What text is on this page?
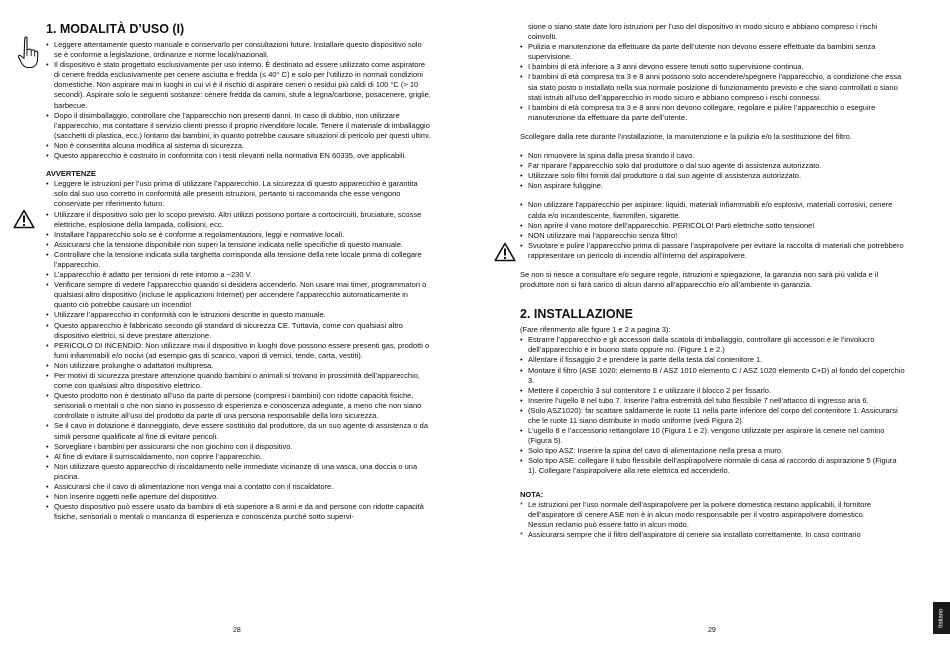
1. MODALITÀ D’USO (I)
• Leggere attentamente questo manuale e conservarlo per consultazioni future. Installare questo dispositivo solo se è conforme a legislazione, ordinanze e norme locali/nazionali.
• Il dispositivo è stato progettato esclusivamente per uso interno. È destinato ad essere utilizzato come aspiratore di cenere fredda esclusivamente per cenere asciutta e fredda (≤ 40° C) e solo per l’utilizzo in normali condizioni domestiche. Non aspirare mai in luoghi in cui vi è il rischio di aspirare ceneri o residui più caldi di 100 °C (> 10 secondi). Aspirare solo le seguenti sostanze: cenere fredda da camini, stufe a legna/carbone, posacenere, griglie, barbecue.
• Dopo il disimballaggio, controllare che l’apparecchio non presenti danni. In caso di dubbio, non utilizzare l’apparecchio, ma contattare il servizio clienti presso il proprio rivenditore locale. Tenere il materiale di imballaggio (sacchetti di plastica, ecc.) lontano dai bambini, in quanto potrebbe causare situazioni di pericolo per questi ultimi.
• Non è consentita alcuna modifica al sistema di sicurezza.
• Questo apparecchio è costruito in conformita con i testi rilevanti nella normativa EN 60335, ove applicabili.
AVVERTENZE
• Leggere le istruzioni per l’uso prima di utilizzare l’apparecchio. La sicurezza di questo apparecchio è garantita solo dal suo uso corretto in conformità alle presenti istruzioni, pertanto si raccomanda che esse vengono conservate per riferimento futuro.
• Utilizzare il dispositivo solo per lo scopo previsto. Altri utilizzi possono portare a cortocircuiti, bruciature, scosse elettriche, esplosione della lampada, collisioni, ecc.
• Installare l’apparecchio solo se è conforme a regolamentazioni, leggi e normative locali.
• Assicurarsi che la tensione disponibile non superi la tensione indicata nelle specifiche di questo manuale.
• Controllare che la tensione indicata sulla targhetta corrisponda alla tensione della rete locale prima di collegare l’apparecchio.
• L’apparecchio è adatto per tensioni di rete intorno a ~230 V.
• Verificare sempre di vedere l’apparecchio quando si desidera accenderlo. Non usare mai timer, programmatori o qualsiasi altro dispositivo (incluse le applicazioni Internet) per accendere l’apparecchio automaticamente in quanto ciò potrebbe causare un incendio!
• Utilizzare l’apparecchio in conformità con le istruzioni descritte in questo manuale.
• Questo apparecchio è fabbricato secondo gli standard di sicurezza CE. Tuttavia, come con qualsiasi altro dispositivo elettrici, si deve prestare attenzione.
• PERICOLO DI INCENDIO: Non utilizzare mai il dispositivo in luoghi dove possono essere presenti gas, prodotti o fumi infiammabili e/o nocivi (ad esempio gas di scarico, vapori di vernici, tende, carta, vestiti).
• Non utilizzare prolunghe o adattatori multipresa.
• Per motivi di sicurezza prestare attenzione quando bambini o animali si trovano in prossimità dell’apparecchio, come con qualsiasi altro dispositivo elettrico.
• Questo prodotto non è destinato all’uso da parte di persone (compresi i bambini) con ridotte capacità fisiche, sensoriali o mentali o che non siano in possesso di esperienza e conoscenza adeguate, a meno che non siano controllate o istruite all’uso del prodotto da parte di una persona responsabile della loro sicurezza.
• Se il cavo in dotazione è danneggiato, deve essere sostituito dal produttore, da un suo agente di assistenza o da simili persone qualificate al fine di evitare pericoli.
• Sorvegliare i bambini per assicurarsi che non giochino con il dispositivo.
• Al fine di evitare il surriscaldamento, non coprire l’apparecchio.
• Non utilizzare questo apparecchio di riscaldamento nelle immediate vicinanze di una vasca, una doccia o una piscina.
• Assicurarsi che il cavo di alimentazione non venga mai a contatto con il riscaldatore.
• Non inserire oggetti nelle aperture del dispositivo.
• Questo dispositivo può essere usato da bambini di età superiore a 8 anni e da and persone con ridotte capacità fisiche, sensoriali o mentali o mancanza di esperienza e conoscenza purché sotto supervi-
28

sione o siano state date loro istruzioni per l’uso del dispositivo in modo sicuro e abbiano compreso i rischi coinvolti.

• Pulizia e manutenzione da effettuare da parte dell’utente non devono essere effettuate da bambini senza supervisione.
• I bambini di età inferiore a 3 anni devono essere tenuti sotto supervisione continua.
• I bambini di età compresa tra 3 e 8 anni possono solo accendere/spegnere l’apparecchio, a condizione che essa sia stato posto o installato nella sua normale posizione di funzionamento previsto e che siano controllati o siano stati istruiti all’uso dell’apparecchio in modo sicuro e abbiano compreso i rischi connessi.
• I bambini di età compresa tra 3 e 8 anni non devono collegare, regolare e pulire l’apparecchio o eseguire manutenzione da effettuare da parte dell’utente.

Scollegare dalla rete durante l’installazione, la manutenzione e la pulizia e/o la sostituzione del filtro.

• Non rimuovere la spina dalla presa tirando il cavo.
• Far riparare l’apparecchio solo dal produttore o dal suo agente di assistenza autorizzato.
• Utilizzare solo filtri forniti dal produttore o dal suo agente di assistenza autorizzato.
• Non aspirare fuliggine.
• Non utilizzare l’apparecchio per aspirare: liquidi, materiali infiammabili e/o esplosivi, materiali corrosivi, cenere calda e/o incandescente, fiammiferi, sigarette.
• Non aprire il vano motore dell’apparecchio. PERICOLO! Parti elettriche sotto tensione!
• NON utilizzare mai l’apparecchio senza filtro!
• Svuotare e pulire l’apparecchio prima di passare l’aspirapolvere per evitare la raccolta di materiali che potrebbero rappresentare un pericolo di incendio all’interno del aspirapolvere.

Se non si riesce a consultare e/o seguire regole, istruzioni e spiegazione, la garanzia non sarà più valida e il produttore non si farà carico di alcun danno all’apparecchio e/o all’ambiente in garanzia.

2. INSTALLAZIONE

(Fare riferimento alle figure 1 e 2 a pagina 3):

• Estrarre l’apparecchio e gli accessori dalla scatola di imballaggio, controllare gli accessori e le l’involucro dell’apparecchio è in buono stato oppure no. (Figure 1 e 2.)
• Allentare il fissaggio 2 e prendere la parte della testa dal contenitore 1.
• Montare il filtro (ASE 1020: elemento B / ASZ 1010 elemento C / ASZ 1020 elemento C+D) al fondo del coperchio 3.
• Mettere il coperchio 3 sul contenitore 1 e utilizzare il blocco 2 per fissarlo.
• Inserire l’ugello 8 nel tubo 7. Inserire l’altra estremità del tubo flessibile 7 nell’attacco di ingresso aria 6.
• (Solo ASZ1020): far scattare saldamente le ruote 11 nella parte inferiore del corpo del contenitore 1. Assicurarsi che le ruote 11 siano distribuite in modo uniforme (vedi Figura 2).
• L’ugello 8 e l’accessorio rettangolare 10 (Figura 1 e 2): vengono utilizzate per aspirare la cenere nel camino (Figura 5).
• Solo tipo ASZ: Inserire la spina del cavo di alimentazione nella presa a muro.
• Solo tipo ASE: collegare il tubo flessibile dell’aspirapolvere normale di casa al raccordo di aspirazione 5 (Figura 1). Collegare l’aspirapolvere alla rete elettrica ed accenderlo.
NOTA:
* Le istruzioni per l’uso normale dell’aspirapolvere per la polvere domestica restano applicabili, il fornitore dell’aspiratore di cenere ASE non è in alcun modo responsabile per il vostro aspirapolvere domestico.
Nessun reclamo può essere fatto in alcun modo.
* Assicurarsi sempre che il filtro dell’aspiratore di cenere sia installato correttamente. In caso contrario
29
Italiano
